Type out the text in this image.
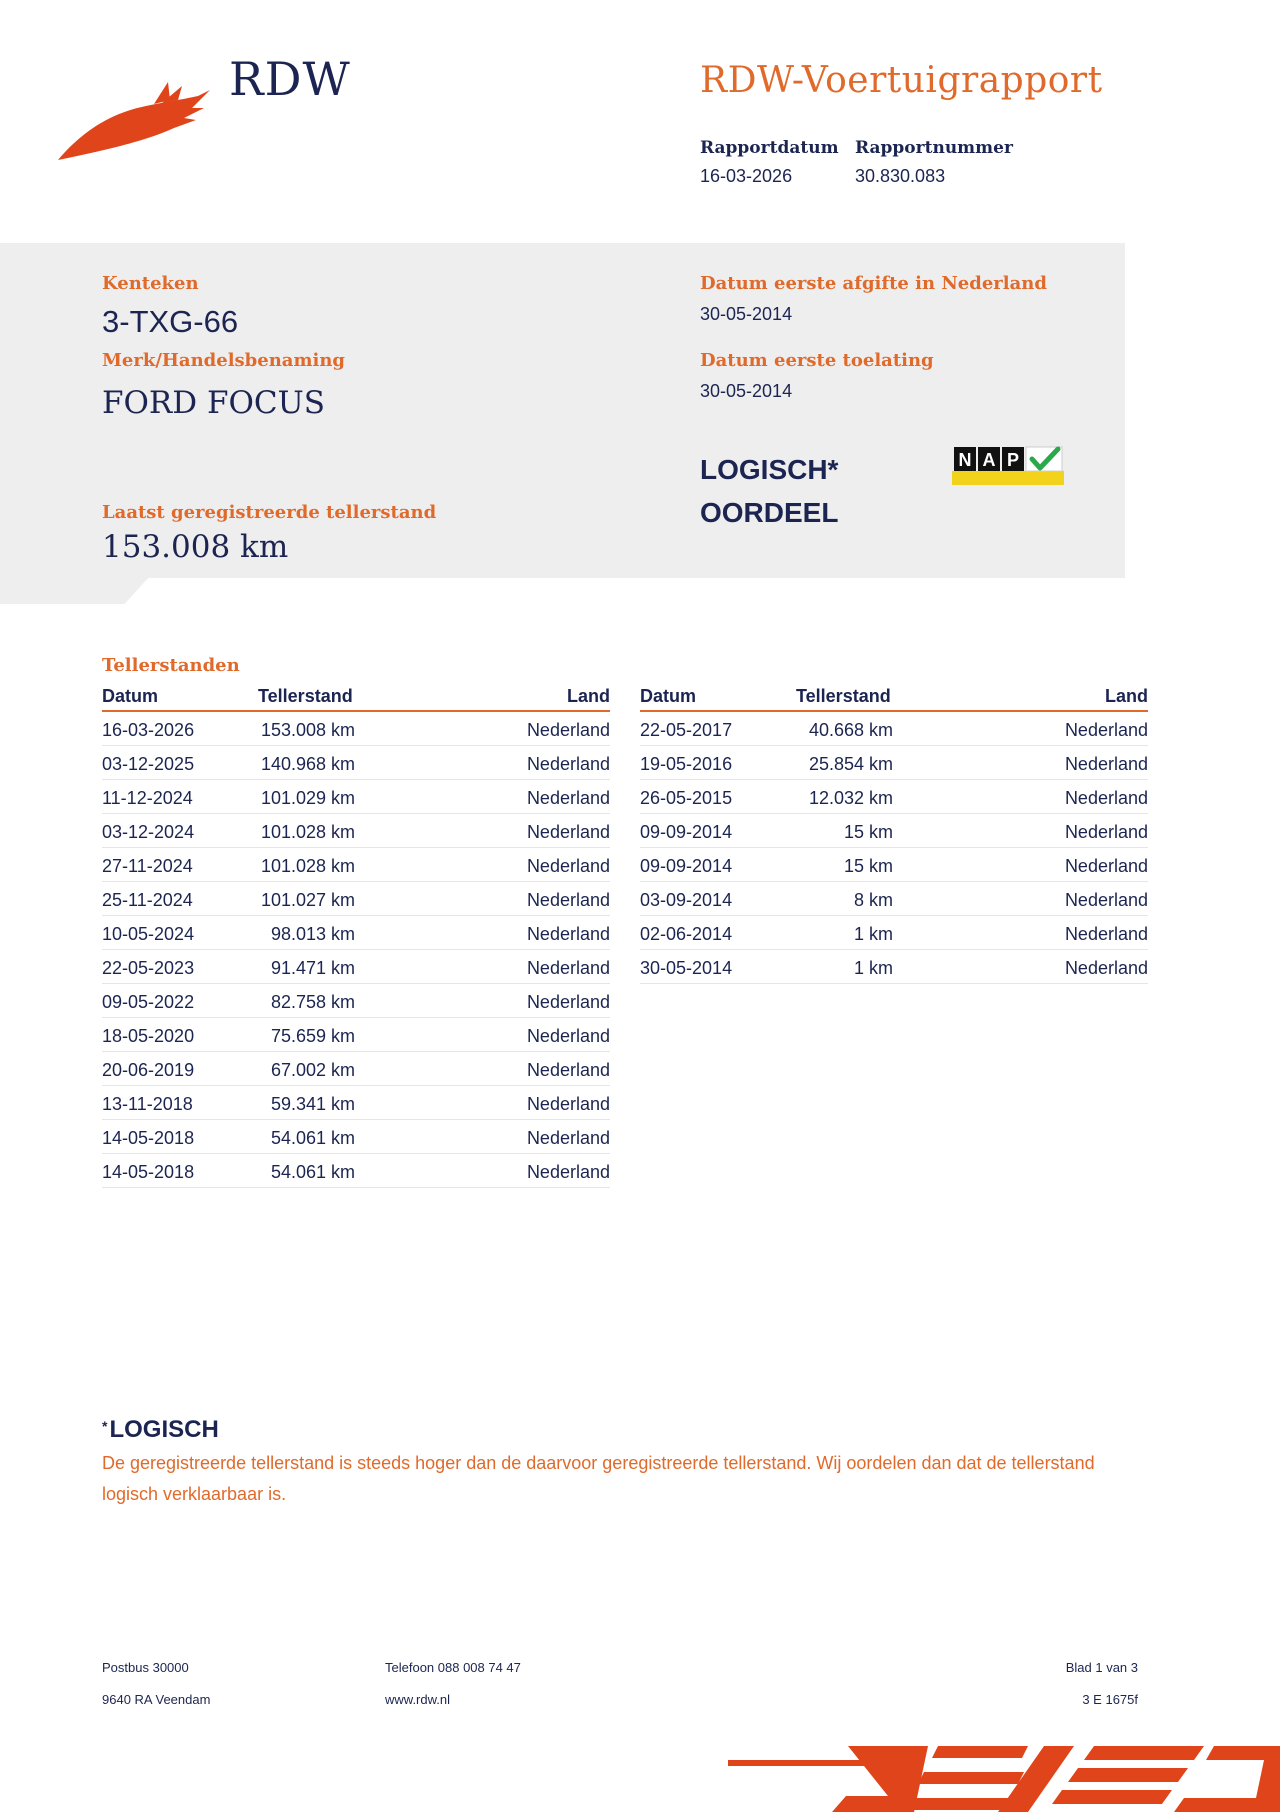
RDW	RDW-Voertuigrapport
Rapportdatum
16-03-2026
Rapportnummer
30.830.083
Kenteken
3-TXG-66
Merk/Handelsbenaming
FORD FOCUS
Laatst geregistreerde tellerstand
153.008 km
Datum eerste afgifte in Nederland
30-05-2014
Datum eerste toelating
30-05-2014
LOGISCH*
OORDEEL
N A P
Tellerstanden
Datum	Tellerstand	Land
16-03-2026	153.008 km	Nederland
03-12-2025	140.968 km	Nederland
11-12-2024	101.029 km	Nederland
03-12-2024	101.028 km	Nederland
27-11-2024	101.028 km	Nederland
25-11-2024	101.027 km	Nederland
10-05-2024	98.013 km	Nederland
22-05-2023	91.471 km	Nederland
09-05-2022	82.758 km	Nederland
18-05-2020	75.659 km	Nederland
20-06-2019	67.002 km	Nederland
13-11-2018	59.341 km	Nederland
14-05-2018	54.061 km	Nederland
14-05-2018	54.061 km	Nederland
Datum	Tellerstand	Land
22-05-2017	40.668 km	Nederland
19-05-2016	25.854 km	Nederland
26-05-2015	12.032 km	Nederland
09-09-2014	15 km	Nederland
09-09-2014	15 km	Nederland
03-09-2014	8 km	Nederland
02-06-2014	1 km	Nederland
30-05-2014	1 km	Nederland
*LOGISCH
De geregistreerde tellerstand is steeds hoger dan de daarvoor geregistreerde tellerstand. Wij oordelen dan dat de tellerstand logisch verklaarbaar is.
Postbus 30000
9640 RA Veendam
Telefoon 088 008 74 47
www.rdw.nl
Blad 1 van 3
3 E 1675f
